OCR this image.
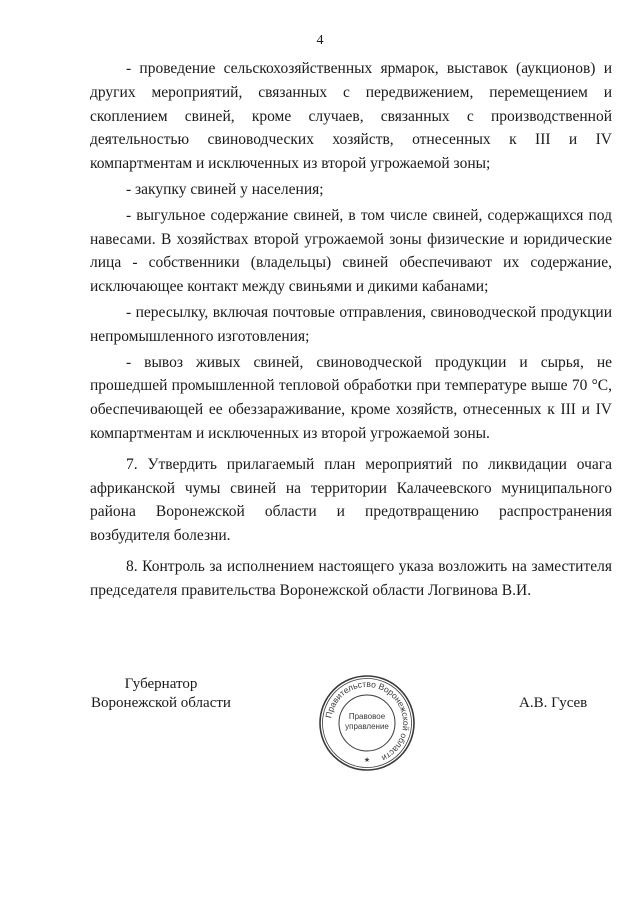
4

- проведение сельскохозяйственных ярмарок, выставок (аукционов) и других мероприятий, связанных с передвижением, перемещением и скоплением свиней, кроме случаев, связанных с производственной деятельностью свиноводческих хозяйств, отнесенных к III и IV компартментам и исключенных из второй угрожаемой зоны;

- закупку свиней у населения;

- выгульное содержание свиней, в том числе свиней, содержащихся под навесами. В хозяйствах второй угрожаемой зоны физические и юридические лица - собственники (владельцы) свиней обеспечивают их содержание, исключающее контакт между свиньями и дикими кабанами;

- пересылку, включая почтовые отправления, свиноводческой продукции непромышленного изготовления;

- вывоз живых свиней, свиноводческой продукции и сырья, не прошедшей промышленной тепловой обработки при температуре выше 70 °С, обеспечивающей ее обеззараживание, кроме хозяйств, отнесенных к III и IV компартментам и исключенных из второй угрожаемой зоны.

7. Утвердить прилагаемый план мероприятий по ликвидации очага африканской чумы свиней на территории Калачеевского муниципального района Воронежской области и предотвращению распространения возбудителя болезни.

8. Контроль за исполнением настоящего указа возложить на заместителя председателя правительства Воронежской области Логвинова В.И.

Губернатор
Воронежской области
Правительство Воронежской области
Правовое
управление
★
А.В. Гусев
